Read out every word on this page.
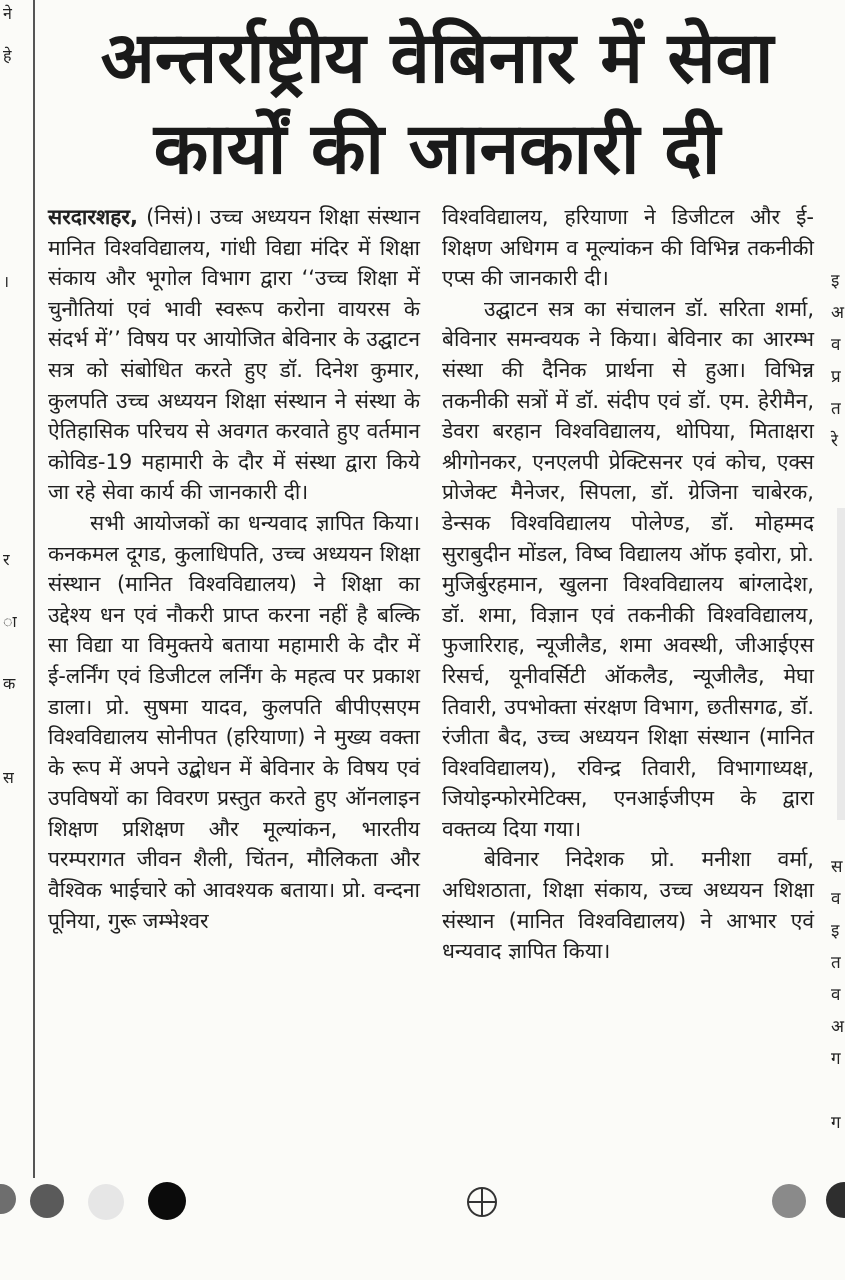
ने
हे
।
र
ा
क
स
अन्तर्राष्ट्रीय वेबिनार में सेवा
कार्यों की जानकारी दी

सरदारशहर, (निसं)। उच्च अध्ययन शिक्षा संस्थान मानित विश्वविद्यालय, गांधी विद्या मंदिर में शिक्षा संकाय और भूगोल विभाग द्वारा ‘‘उच्च शिक्षा में चुनौतियां एवं भावी स्वरूप करोना वायरस के संदर्भ में’’ विषय पर आयोजित बेविनार के उद्घाटन सत्र को संबोधित करते हुए डॉ. दिनेश कुमार, कुलपति उच्च अध्ययन शिक्षा संस्थान ने संस्था के ऐतिहासिक परिचय से अवगत करवाते हुए वर्तमान कोविड-19 महामारी के दौर में संस्था द्वारा किये जा रहे सेवा कार्य की जानकारी दी।

सभी आयोजकों का धन्यवाद ज्ञापित किया। कनकमल दूगड, कुलाधिपति, उच्च अध्ययन शिक्षा संस्थान (मानित विश्वविद्यालय) ने शिक्षा का उद्देश्य धन एवं नौकरी प्राप्त करना नहीं है बल्कि सा विद्या या विमुक्तये बताया महामारी के दौर में ई-लर्निंग एवं डिजीटल लर्निंग के महत्व पर प्रकाश डाला। प्रो. सुषमा यादव, कुलपति बीपीएसएम विश्वविद्यालय सोनीपत (हरियाणा) ने मुख्य वक्ता के रूप में अपने उद्बोधन में बेविनार के विषय एवं उपविषयों का विवरण प्रस्तुत करते हुए ऑनलाइन शिक्षण प्रशिक्षण और मूल्यांकन, भारतीय परम्परागत जीवन शैली, चिंतन, मौलिकता और वैश्विक भाईचारे को आवश्यक बताया। प्रो. वन्दना पूनिया, गुरू जम्भेश्वर

विश्वविद्यालय, हरियाणा ने डिजीटल और ई-शिक्षण अधिगम व मूल्यांकन की विभिन्न तकनीकी एप्स की जानकारी दी।

उद्घाटन सत्र का संचालन डॉ. सरिता शर्मा, बेविनार समन्वयक ने किया। बेविनार का आरम्भ संस्था की दैनिक प्रार्थना से हुआ। विभिन्न तकनीकी सत्रों में डॉ. संदीप एवं डॉ. एम. हेरीमैन, डेवरा बरहान विश्वविद्यालय, थोपिया, मिताक्षरा श्रीगोनकर, एनएलपी प्रेक्टिसनर एवं कोच, एक्स प्रोजेक्ट मैनेजर, सिपला, डॉ. ग्रेजिना चाबेरक, डेन्सक विश्वविद्यालय पोलेण्ड, डॉ. मोहम्मद सुराबुदीन मोंडल, विष्व विद्यालय ऑफ इवोरा, प्रो. मुजिर्बुरहमान, खुलना विश्वविद्यालय बांग्लादेश, डॉ. शमा, विज्ञान एवं तकनीकी विश्वविद्यालय, फुजारिराह, न्यूजीलैड, शमा अवस्थी, जीआईएस रिसर्च, यूनीवर्सिटी ऑकलैड, न्यूजीलैड, मेघा तिवारी, उपभोक्ता संरक्षण विभाग, छतीसगढ, डॉ. रंजीता बैद, उच्च अध्ययन शिक्षा संस्थान (मानित विश्वविद्यालय), रविन्द्र तिवारी, विभागाध्यक्ष, जियोइन्फोरमेटिक्स, एनआईजीएम के द्वारा वक्तव्य दिया गया।

बेविनार निदेशक प्रो. मनीशा वर्मा, अधिशठाता, शिक्षा संकाय, उच्च अध्ययन शिक्षा संस्थान (मानित विश्वविद्यालय) ने आभार एवं धन्यवाद ज्ञापित किया।

इ
अ
व
प्र
त
रे
स
व
इ
त
व
अ
ग
ग
